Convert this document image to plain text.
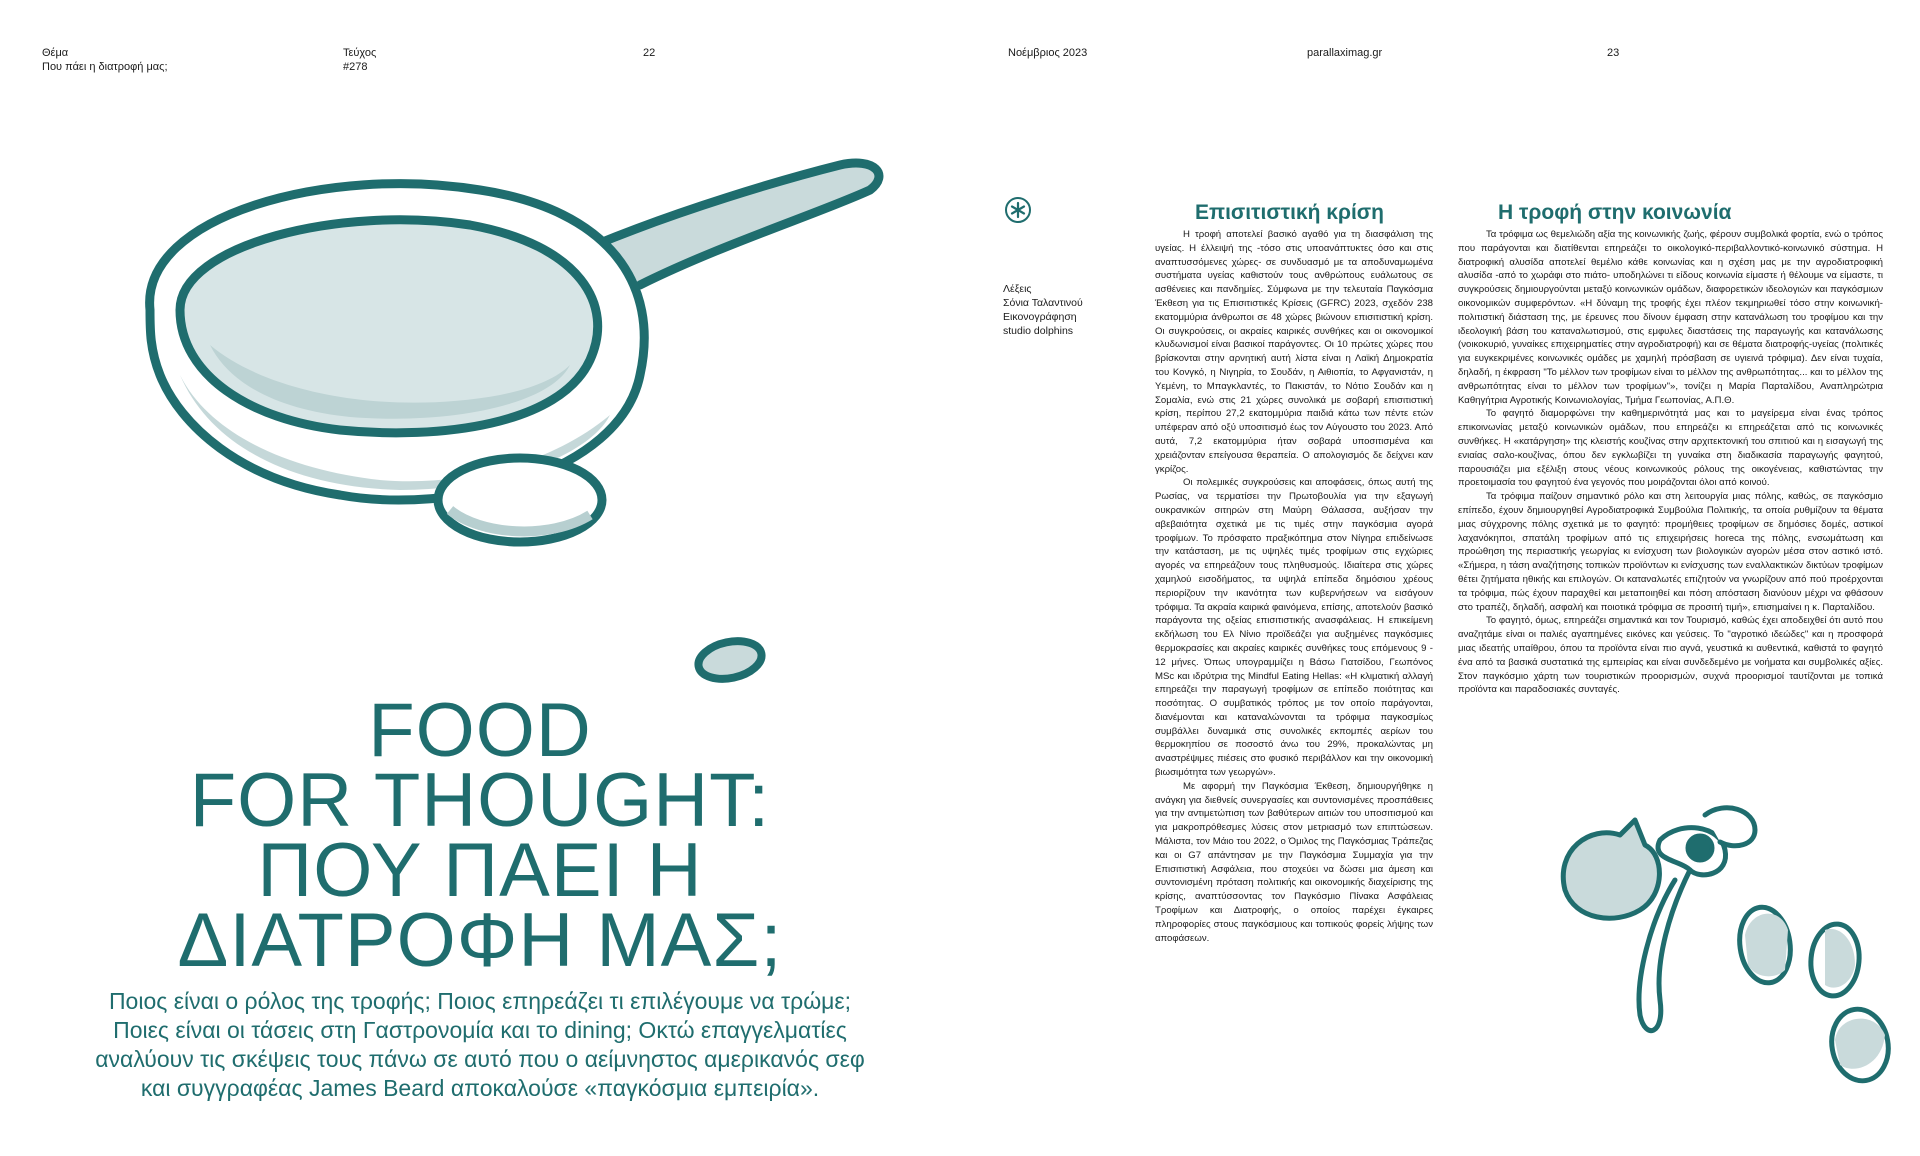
Θέμα
Που πάει η διατροφή μας;
Τεύχος
#278
22
FOOD
FOR THOUGHT:
ΠΟΥ ΠΑΕΙ Η
ΔΙΑΤΡΟΦΗ ΜΑΣ;
Ποιος είναι ο ρόλος της τροφής; Ποιος επηρεάζει τι επιλέγουμε να τρώμε;
Ποιες είναι οι τάσεις στη Γαστρονομία και το dining; Οκτώ επαγγελματίες
αναλύουν τις σκέψεις τους πάνω σε αυτό που ο αείμνηστος αμερικανός σεφ
και συγγραφέας James Beard αποκαλούσε «παγκόσμια εμπειρία».
Νοέμβριος 2023	parallaximag.gr	23
Λέξεις
Σόνια Ταλαντινού
Εικονογράφηση
studio dolphins
Επισιτιστική κρίση

Η τροφή αποτελεί βασικό αγαθό για τη διασφάλιση της υγείας. Η έλλειψή της -τόσο στις υποανάπτυκτες όσο και στις αναπτυσσόμενες χώρες- σε συνδυασμό με τα αποδυναμωμένα συστήματα υγείας καθιστούν τους ανθρώπους ευάλωτους σε ασθένειες και πανδημίες. Σύμφωνα με την τελευταία Παγκόσμια Έκθεση για τις Επισιτιστικές Κρίσεις (GFRC) 2023, σχεδόν 238 εκατομμύρια άνθρωποι σε 48 χώρες βιώνουν επισιτιστική κρίση. Οι συγκρούσεις, οι ακραίες καιρικές συνθήκες και οι οικονομικοί κλυδωνισμοί είναι βασικοί παράγοντες. Οι 10 πρώτες χώρες που βρίσκονται στην αρνητική αυτή λίστα είναι η Λαϊκή Δημοκρατία του Κονγκό, η Νιγηρία, το Σουδάν, η Αιθιοπία, το Αφγανιστάν, η Υεμένη, το Μπαγκλαντές, το Πακιστάν, το Νότιο Σουδάν και η Σομαλία, ενώ στις 21 χώρες συνολικά με σοβαρή επισιτιστική κρίση, περίπου 27,2 εκατομμύρια παιδιά κάτω των πέντε ετών υπέφεραν από οξύ υποσιτισμό έως τον Αύγουστο του 2023. Από αυτά, 7,2 εκατομμύρια ήταν σοβαρά υποσιτισμένα και χρειάζονταν επείγουσα θεραπεία. Ο απολογισμός δε δείχνει καν γκρίζος.

Οι πολεμικές συγκρούσεις και αποφάσεις, όπως αυτή της Ρωσίας, να τερματίσει την Πρωτοβουλία για την εξαγωγή ουκρανικών σιτηρών στη Μαύρη Θάλασσα, αυξήσαν την αβεβαιότητα σχετικά με τις τιμές στην παγκόσμια αγορά τροφίμων. Το πρόσφατο πραξικόπημα στον Νίγηρα επιδείνωσε την κατάσταση, με τις υψηλές τιμές τροφίμων στις εγχώριες αγορές να επηρεάζουν τους πληθυσμούς. Ιδιαίτερα στις χώρες χαμηλού εισοδήματος, τα υψηλά επίπεδα δημόσιου χρέους περιορίζουν την ικανότητα των κυβερνήσεων να εισάγουν τρόφιμα. Τα ακραία καιρικά φαινόμενα, επίσης, αποτελούν βασικό παράγοντα της οξείας επισιτιστικής ανασφάλειας. Η επικείμενη εκδήλωση του Ελ Νίνιο προϊδεάζει για αυξημένες παγκόσμιες θερμοκρασίες και ακραίες καιρικές συνθήκες τους επόμενους 9 - 12 μήνες. Όπως υπογραμμίζει η Βάσω Γιατσίδου, Γεωπόνος MSc και ιδρύτρια της Mindful Eating Hellas: «Η κλιματική αλλαγή επηρεάζει την παραγωγή τροφίμων σε επίπεδο ποιότητας και ποσότητας. Ο συμβατικός τρόπος με τον οποίο παράγονται, διανέμονται και καταναλώνονται τα τρόφιμα παγκοσμίως συμβάλλει δυναμικά στις συνολικές εκπομπές αερίων του θερμοκηπίου σε ποσοστό άνω του 29%, προκαλώντας μη αναστρέψιμες πιέσεις στο φυσικό περιβάλλον και την οικονομική βιωσιμότητα των γεωργών».

Με αφορμή την Παγκόσμια Έκθεση, δημιουργήθηκε η ανάγκη για διεθνείς συνεργασίες και συντονισμένες προσπάθειες για την αντιμετώπιση των βαθύτερων αιτιών του υποσιτισμού και για μακροπρόθεσμες λύσεις στον μετριασμό των επιπτώσεων. Μάλιστα, τον Μάιο του 2022, ο Όμιλος της Παγκόσμιας Τράπεζας και οι G7 απάντησαν με την Παγκόσμια Συμμαχία για την Επισιτιστική Ασφάλεια, που στοχεύει να δώσει μια άμεση και συντονισμένη πρόταση πολιτικής και οικονομικής διαχείρισης της κρίσης, αναπτύσσοντας τον Παγκόσμιο Πίνακα Ασφάλειας Τροφίμων και Διατροφής, ο οποίος παρέχει έγκαιρες πληροφορίες στους παγκόσμιους και τοπικούς φορείς λήψης των αποφάσεων.

Η τροφή στην κοινωνία

Τα τρόφιμα ως θεμελιώδη αξία της κοινωνικής ζωής, φέρουν συμβολικά φορτία, ενώ ο τρόπος που παράγονται και διατίθενται επηρεάζει το οικολογικό-περιβαλλοντικό-κοινωνικό σύστημα. Η διατροφική αλυσίδα αποτελεί θεμέλιο κάθε κοινωνίας και η σχέση μας με την αγροδιατροφική αλυσίδα -από το χωράφι στο πιάτο- υποδηλώνει τι είδους κοινωνία είμαστε ή θέλουμε να είμαστε, τι συγκρούσεις δημιουργούνται μεταξύ κοινωνικών ομάδων, διαφορετικών ιδεολογιών και παγκόσμιων οικονομικών συμφερόντων. «Η δύναμη της τροφής έχει πλέον τεκμηριωθεί τόσο στην κοινωνική-πολιτιστική διάσταση της, με έρευνες που δίνουν έμφαση στην κατανάλωση του τροφίμου και την ιδεολογική βάση του καταναλωτισμού, στις εμφυλες διαστάσεις της παραγωγής και κατανάλωσης (νοικοκυριό, γυναίκες επιχειρηματίες στην αγροδιατροφή) και σε θέματα διατροφής-υγείας (πολιτικές για ευγκεκριμένες κοινωνικές ομάδες με χαμηλή πρόσβαση σε υγιεινά τρόφιμα). Δεν είναι τυχαία, δηλαδή, η έκφραση "Το μέλλον των τροφίμων είναι το μέλλον της ανθρωπότητας... και το μέλλον της ανθρωπότητας είναι το μέλλον των τροφίμων"», τονίζει η Μαρία Παρταλίδου, Αναπληρώτρια Καθηγήτρια Αγροτικής Κοινωνιολογίας, Τμήμα Γεωπονίας, Α.Π.Θ.

Το φαγητό διαμορφώνει την καθημερινότητά μας και το μαγείρεμα είναι ένας τρόπος επικοινωνίας μεταξύ κοινωνικών ομάδων, που επηρεάζει κι επηρεάζεται από τις κοινωνικές συνθήκες. Η «κατάργηση» της κλειστής κουζίνας στην αρχιτεκτονική του σπιτιού και η εισαγωγή της ενιαίας σαλο-κουζίνας, όπου δεν εγκλωβίζει τη γυναίκα στη διαδικασία παραγωγής φαγητού, παρουσιάζει μια εξέλιξη στους νέους κοινωνικούς ρόλους της οικογένειας, καθιστώντας την προετοιμασία του φαγητού ένα γεγονός που μοιράζονται όλοι από κοινού.

Τα τρόφιμα παίζουν σημαντικό ρόλο και στη λειτουργία μιας πόλης, καθώς, σε παγκόσμιο επίπεδο, έχουν δημιουργηθεί Αγροδιατροφικά Συμβούλια Πολιτικής, τα οποία ρυθμίζουν τα θέματα μιας σύγχρονης πόλης σχετικά με το φαγητό: προμήθειες τροφίμων σε δημόσιες δομές, αστικοί λαχανόκηποι, σπατάλη τροφίμων από τις επιχειρήσεις horeca της πόλης, ενσωμάτωση και προώθηση της περιαστικής γεωργίας κι ενίσχυση των βιολογικών αγορών μέσα στον αστικό ιστό. «Σήμερα, η τάση αναζήτησης τοπικών προϊόντων κι ενίσχυσης των εναλλακτικών δικτύων τροφίμων θέτει ζητήματα ηθικής και επιλογών. Οι καταναλωτές επιζητούν να γνωρίζουν από πού προέρχονται τα τρόφιμα, πώς έχουν παραχθεί και μεταποιηθεί και πόση απόσταση διανύουν μέχρι να φθάσουν στο τραπέζι, δηλαδή, ασφαλή και ποιοτικά τρόφιμα σε προσιτή τιμή», επισημαίνει η κ. Παρταλίδου.

Το φαγητό, όμως, επηρεάζει σημαντικά και τον Τουρισμό, καθώς έχει αποδειχθεί ότι αυτό που αναζητάμε είναι οι παλιές αγαπημένες εικόνες και γεύσεις. Το "αγροτικό ιδεώδες" και η προσφορά μιας ιδεατής υπαίθρου, όπου τα προϊόντα είναι πιο αγνά, γευστικά κι αυθεντικά, καθιστά το φαγητό ένα από τα βασικά συστατικά της εμπειρίας και είναι συνδεδεμένο με νοήματα και συμβολικές αξίες. Στον παγκόσμιο χάρτη των τουριστικών προορισμών, συχνά προορισμοί ταυτίζονται με τοπικά προϊόντα και παραδοσιακές συνταγές.
